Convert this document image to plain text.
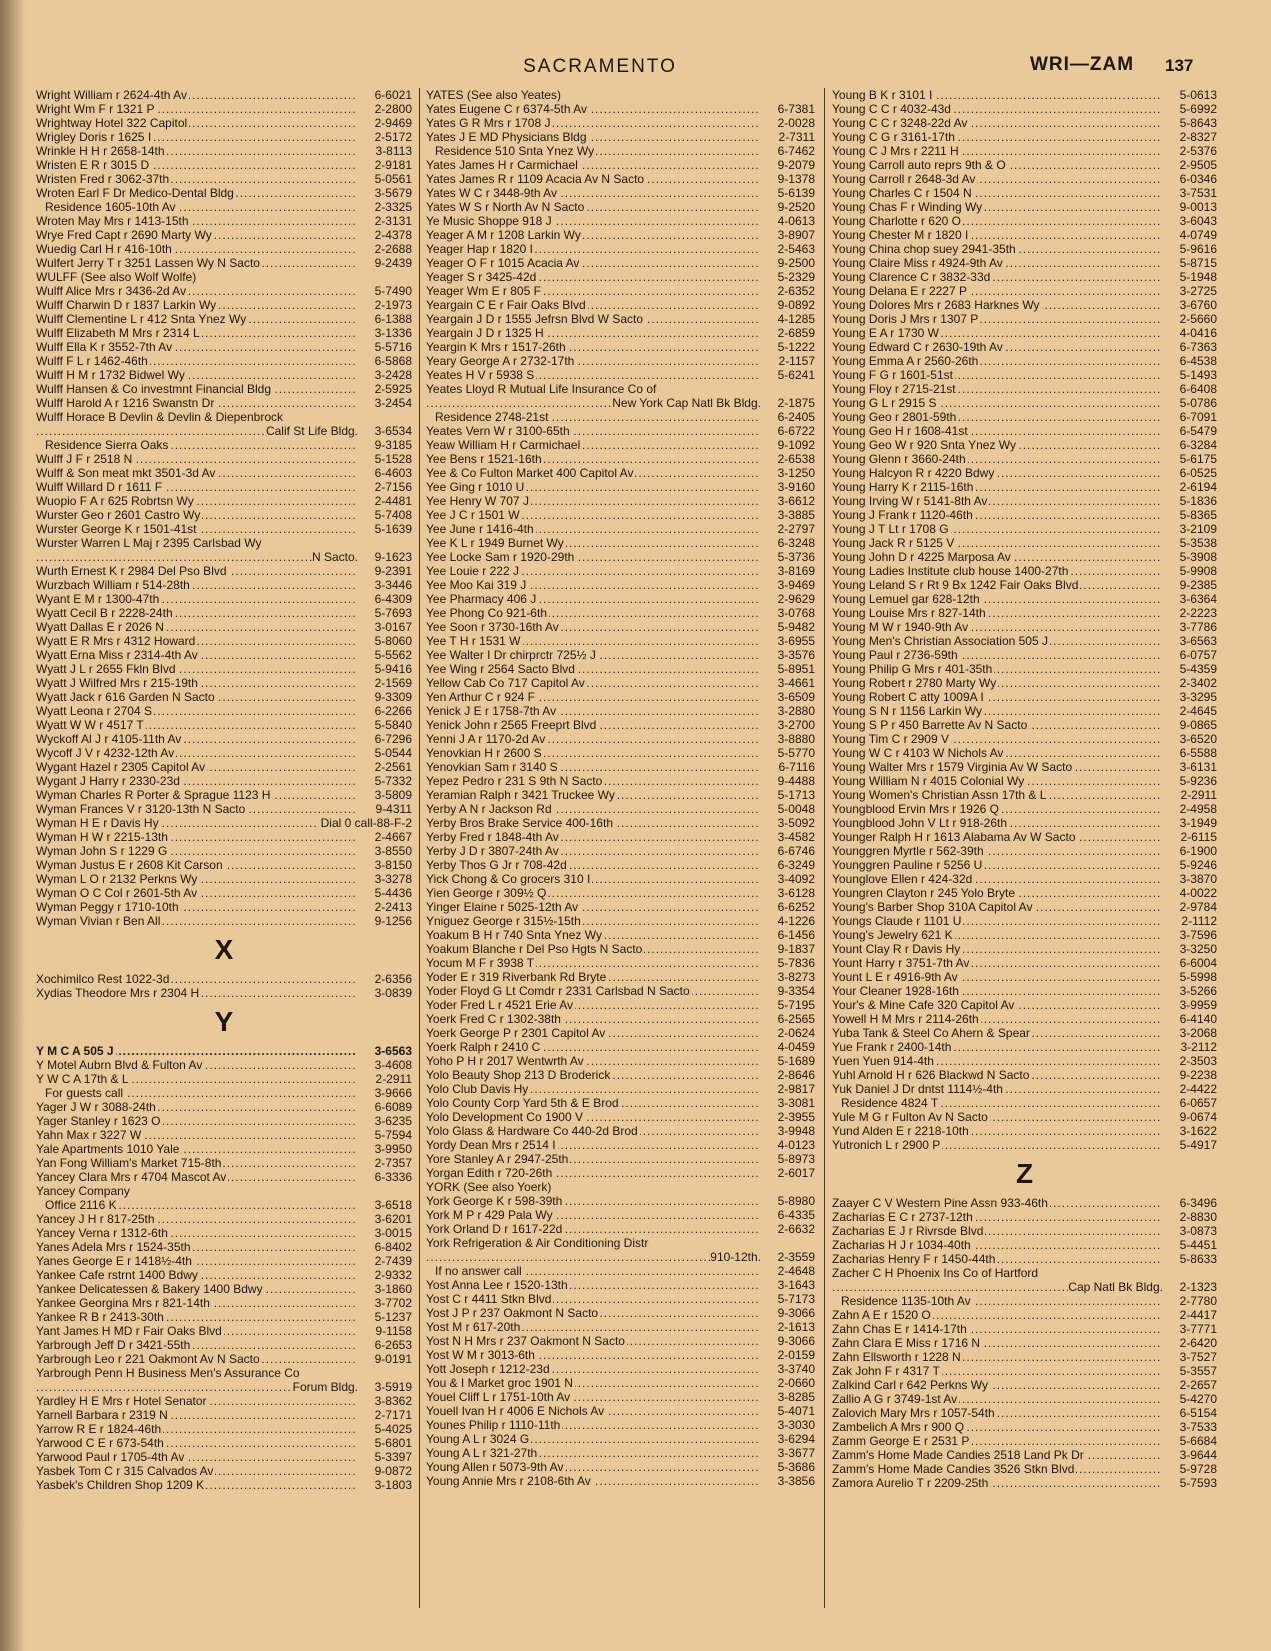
SACRAMENTO	WRI—ZAM 137
.....
Wright William r 2624-4th Av	6-6021
.....
Wright Wm F r 1321 P	2-2800
.....
Wrightway Hotel 322 Capitol	2-9469
.....
Wrigley Doris r 1625 I	2-5172
.....
Wrinkle H H r 2658-14th	3-8113
.....
Wristen E R r 3015 D	2-9181
.....
Wristen Fred r 3062-37th	5-0561
.....
Wroten Earl F Dr Medico-Dental Bldg	3-5679
.....
Residence 1605-10th Av	2-3325
.....
Wroten May Mrs r 1413-15th	2-3131
.....
Wrye Fred Capt r 2690 Marty Wy	2-4378
.....
Wuedig Carl H r 416-10th	2-2688
.....
Wulfert Jerry T r 3251 Lassen Wy N Sacto	9-2439
WULFF (See also Wolf Wolfe)
.....
Wulff Alice Mrs r 3436-2d Av	5-7490
.....
Wulff Charwin D r 1837 Larkin Wy	2-1973
.....
Wulff Clementine L r 412 Snta Ynez Wy	6-1388
.....
Wulff Elizabeth M Mrs r 2314 L	3-1336
.....
Wulff Ella K r 3552-7th Av	5-5716
.....
Wulff F L r 1462-46th	6-5868
.....
Wulff H M r 1732 Bidwel Wy	3-2428
.....
Wulff Hansen & Co investmnt Financial Bldg	2-5925
.....
Wulff Harold A r 1216 Swanstn Dr	3-2454
Wulff Horace B Devlin & Devlin & Diepenbrock
.....
Calif St Life Bldg. 3-6534
.....
Residence Sierra Oaks	9-3185
.....
Wulff J F r 2518 N	5-1528
.....
Wulff & Son meat mkt 3501-3d Av	6-4603
.....
Wulff Willard D r 1611 F	2-7156
.....
Wuopio F A r 625 Robrtsn Wy	2-4481
.....
Wurster Geo r 2601 Castro Wy	5-7408
.....
Wurster George K r 1501-41st	5-1639
Wurster Warren L Maj r 2395 Carlsbad Wy
.....
N Sacto. 9-1623
.....
Wurth Ernest K r 2984 Del Pso Blvd	9-2391
.....
Wurzbach William r 514-28th	3-3446
.....
Wyant E M r 1300-47th	6-4309
.....
Wyatt Cecil B r 2228-24th	5-7693
.....
Wyatt Dallas E r 2026 N	3-0167
.....
Wyatt E R Mrs r 4312 Howard	5-8060
.....
Wyatt Erna Miss r 2314-4th Av	5-5562
.....
Wyatt J L r 2655 Fkln Blvd	5-9416
.....
Wyatt J Wilfred Mrs r 215-19th	2-1569
.....
Wyatt Jack r 616 Garden N Sacto	9-3309
.....
Wyatt Leona r 2704 S	6-2266
.....
Wyatt W W r 4517 T	5-5840
.....
Wyckoff Al J r 4105-11th Av	6-7296
.....
Wycoff J V r 4232-12th Av	5-0544
.....
Wygant Hazel r 2305 Capitol Av	2-2561
.....
Wygant J Harry r 2330-23d	5-7332
.....
Wyman Charles R Porter & Sprague 1123 H	3-5809
.....
Wyman Frances V r 3120-13th N Sacto	9-4311
.....
Wyman H E r Davis Hy	Dial 0 call-88-F-2
.....
Wyman H W r 2215-13th	2-4667
.....
Wyman John S r 1229 G	3-8550
.....
Wyman Justus E r 2608 Kit Carson	3-8150
.....
Wyman L O r 2132 Perkns Wy	3-3278
.....
Wyman O C Col r 2601-5th Av	5-4436
.....
Wyman Peggy r 1710-10th	2-2413
.....
Wyman Vivian r Ben All	9-1256
X
.....
Xochimilco Rest 1022-3d	2-6356
.....
Xydias Theodore Mrs r 2304 H	3-0839
Y
.....
Y M C A 505 J	3-6563
.....
Y Motel Aubrn Blvd & Fulton Av	3-4608
.....
Y W C A 17th & L	2-2911
.....
For guests call	3-9666
.....
Yager J W r 3088-24th	6-6089
.....
Yager Stanley r 1623 O	3-6235
.....
Yahn Max r 3227 W	5-7594
.....
Yale Apartments 1010 Yale	3-9950
.....
Yan Fong William's Market 715-8th	2-7357
.....
Yancey Clara Mrs r 4704 Mascot Av	6-3336
Yancey Company
.....
Office 2116 K	3-6518
.....
Yancey J H r 817-25th	3-6201
.....
Yancey Verna r 1312-6th	3-0015
.....
Yanes Adela Mrs r 1524-35th	6-8402
.....
Yanes George E r 1418½-4th	2-7439
.....
Yankee Cafe rstrnt 1400 Bdwy	2-9332
.....
Yankee Delicatessen & Bakery 1400 Bdwy	3-1860
.....
Yankee Georgina Mrs r 821-14th	3-7702
.....
Yankee R B r 2413-30th	5-1237
.....
Yant James H MD r Fair Oaks Blvd	9-1158
.....
Yarbrough Jeff D r 3421-55th	6-2653
.....
Yarbrough Leo r 221 Oakmont Av N Sacto	9-0191
Yarbrough Penn H Business Men's Assurance Co
.....
Forum Bldg. 3-5919
.....
Yardley H E Mrs r Hotel Senator	3-8362
.....
Yarnell Barbara r 2319 N	2-7171
.....
Yarrow R E r 1824-46th	5-4025
.....
Yarwood C E r 673-54th	5-6801
.....
Yarwood Paul r 1705-4th Av	5-3397
.....
Yasbek Tom C r 315 Calvados Av	9-0872
.....
Yasbek's Children Shop 1209 K	3-1803
YATES (See also Yeates)
.....
Yates Eugene C r 6374-5th Av	6-7381
.....
Yates G R Mrs r 1708 J	2-0028
.....
Yates J E MD Physicians Bldg	2-7311
.....
Residence 510 Snta Ynez Wy	6-7462
.....
Yates James H r Carmichael	9-2079
.....
Yates James R r 1109 Acacia Av N Sacto	9-1378
.....
Yates W C r 3448-9th Av	5-6139
.....
Yates W S r North Av N Sacto	9-2520
.....
Ye Music Shoppe 918 J	4-0613
.....
Yeager A M r 1208 Larkin Wy	3-8907
.....
Yeager Hap r 1820 I	2-5463
.....
Yeager O F r 1015 Acacia Av	9-2500
.....
Yeager S r 3425-42d	5-2329
.....
Yeager Wm E r 805 F	2-6352
.....
Yeargain C E r Fair Oaks Blvd	9-0892
.....
Yeargain J D r 1555 Jefrsn Blvd W Sacto	4-1285
.....
Yeargain J D r 1325 H	2-6859
.....
Yeargin K Mrs r 1517-26th	5-1222
.....
Yeary George A r 2732-17th	2-1157
.....
Yeates H V r 5938 S	5-6241
Yeates Lloyd R Mutual Life Insurance Co of
.....
New York Cap Natl Bk Bldg. 2-1875
.....
Residence 2748-21st	6-2405
.....
Yeates Vern W r 3100-65th	6-6722
.....
Yeaw William H r Carmichael	9-1092
.....
Yee Bens r 1521-16th	2-6538
.....
Yee & Co Fulton Market 400 Capitol Av	3-1250
.....
Yee Ging r 1010 U	3-9160
.....
Yee Henry W 707 J	3-6612
.....
Yee J C r 1501 W	3-3885
.....
Yee June r 1416-4th	2-2797
.....
Yee K L r 1949 Burnet Wy	6-3248
.....
Yee Locke Sam r 1920-29th	5-3736
.....
Yee Louie r 222 J	3-8169
.....
Yee Moo Kai 319 J	3-9469
.....
Yee Pharmacy 406 J	2-9629
.....
Yee Phong Co 921-6th	3-0768
.....
Yee Soon r 3730-16th Av	5-9482
.....
Yee T H r 1531 W	3-6955
.....
Yee Walter I Dr chirprctr 725½ J	3-3576
.....
Yee Wing r 2564 Sacto Blvd	5-8951
.....
Yellow Cab Co 717 Capitol Av	3-4661
.....
Yen Arthur C r 924 F	3-6509
.....
Yenick J E r 1758-7th Av	3-2880
.....
Yenick John r 2565 Freeprt Blvd	3-2700
.....
Yenni J A r 1170-2d Av	3-8880
.....
Yenovkian H r 2600 S	5-5770
.....
Yenovkian Sam r 3140 S	6-7116
.....
Yepez Pedro r 231 S 9th N Sacto	9-4488
.....
Yeramian Ralph r 3421 Truckee Wy	5-1713
.....
Yerby A N r Jackson Rd	5-0048
.....
Yerby Bros Brake Service 400-16th	3-5092
.....
Yerby Fred r 1848-4th Av	3-4582
.....
Yerby J D r 3807-24th Av	6-6746
.....
Yerby Thos G Jr r 708-42d	6-3249
.....
Yick Chong & Co grocers 310 I	3-4092
.....
Yien George r 309½ Q	3-6128
.....
Yinger Elaine r 5025-12th Av	6-6252
.....
Yniguez George r 315½-15th	4-1226
.....
Yoakum B H r 740 Snta Ynez Wy	6-1456
.....
Yoakum Blanche r Del Pso Hgts N Sacto	9-1837
.....
Yocum M F r 3938 T	5-7836
.....
Yoder E r 319 Riverbank Rd Bryte	3-8273
.....
Yoder Floyd G Lt Comdr r 2331 Carlsbad N Sacto	9-3354
.....
Yoder Fred L r 4521 Erie Av	5-7195
.....
Yoerk Fred C r 1302-38th	6-2565
.....
Yoerk George P r 2301 Capitol Av	2-0624
.....
Yoerk Ralph r 2410 C	4-0459
.....
Yoho P H r 2017 Wentwrth Av	5-1689
.....
Yolo Beauty Shop 213 D Broderick	2-8646
.....
Yolo Club Davis Hy	2-9817
.....
Yolo County Corp Yard 5th & E Brod	3-3081
.....
Yolo Development Co 1900 V	2-3955
.....
Yolo Glass & Hardware Co 440-2d Brod	3-9948
.....
Yordy Dean Mrs r 2514 I	4-0123
.....
Yore Stanley A r 2947-25th	5-8973
.....
Yorgan Edith r 720-26th	2-6017
YORK (See also Yoerk)
.....
York George K r 598-39th	5-8980
.....
York M P r 429 Pala Wy	6-4335
.....
York Orland D r 1617-22d	2-6632
York Refrigeration & Air Conditioning Distr
.....
910-12th. 2-3559
.....
If no answer call	2-4648
.....
Yost Anna Lee r 1520-13th	3-1643
.....
Yost C r 4411 Stkn Blvd	5-7173
.....
Yost J P r 237 Oakmont N Sacto	9-3066
.....
Yost M r 617-20th	2-1613
.....
Yost N H Mrs r 237 Oakmont N Sacto	9-3066
.....
Yost W M r 3013-6th	2-0159
.....
Yott Joseph r 1212-23d	3-3740
.....
You & I Market groc 1901 N	2-0660
.....
Youel Cliff L r 1751-10th Av	3-8285
.....
Youell Ivan H r 4006 E Nichols Av	5-4071
.....
Younes Philip r 1110-11th	3-3030
.....
Young A L r 3024 G	3-6294
.....
Young A L r 321-27th	3-3677
.....
Young Allen r 5073-9th Av	5-3686
.....
Young Annie Mrs r 2108-6th Av	3-3856
.....
Young B K r 3101 I	5-0613
.....
Young C C r 4032-43d	5-6992
.....
Young C C r 3248-22d Av	5-8643
.....
Young C G r 3161-17th	2-8327
.....
Young C J Mrs r 2211 H	2-5376
.....
Young Carroll auto reprs 9th & O	2-9505
.....
Young Carroll r 2648-3d Av	6-0346
.....
Young Charles C r 1504 N	3-7531
.....
Young Chas F r Winding Wy	9-0013
.....
Young Charlotte r 620 O	3-6043
.....
Young Chester M r 1820 I	4-0749
.....
Young China chop suey 2941-35th	5-9616
.....
Young Claire Miss r 4924-9th Av	5-8715
.....
Young Clarence C r 3832-33d	5-1948
.....
Young Delana E r 2227 P	3-2725
.....
Young Dolores Mrs r 2683 Harknes Wy	3-6760
.....
Young Doris J Mrs r 1307 P	2-5660
.....
Young E A r 1730 W	4-0416
.....
Young Edward C r 2630-19th Av	6-7363
.....
Young Emma A r 2560-26th	6-4538
.....
Young F G r 1601-51st	5-1493
.....
Young Floy r 2715-21st	6-6408
.....
Young G L r 2915 S	5-0786
.....
Young Geo r 2801-59th	6-7091
.....
Young Geo H r 1608-41st	6-5479
.....
Young Geo W r 920 Snta Ynez Wy	6-3284
.....
Young Glenn r 3660-24th	5-6175
.....
Young Halcyon R r 4220 Bdwy	6-0525
.....
Young Harry K r 2115-16th	2-6194
.....
Young Irving W r 5141-8th Av	5-1836
.....
Young J Frank r 1120-46th	5-8365
.....
Young J T Lt r 1708 G	3-2109
.....
Young Jack R r 5125 V	5-3538
.....
Young John D r 4225 Marposa Av	5-3908
.....
Young Ladies Institute club house 1400-27th	5-9908
.....
Young Leland S r Rt 9 Bx 1242 Fair Oaks Blvd	9-2385
.....
Young Lemuel gar 628-12th	3-6364
.....
Young Louise Mrs r 827-14th	2-2223
.....
Young M W r 1940-9th Av	3-7786
.....
Young Men's Christian Association 505 J	3-6563
.....
Young Paul r 2736-59th	6-0757
.....
Young Philip G Mrs r 401-35th	5-4359
.....
Young Robert r 2780 Marty Wy	2-3402
.....
Young Robert C atty 1009A I	3-3295
.....
Young S N r 1156 Larkin Wy	2-4645
.....
Young S P r 450 Barrette Av N Sacto	9-0865
.....
Young Tim C r 2909 V	3-6520
.....
Young W C r 4103 W Nichols Av	6-5588
.....
Young Walter Mrs r 1579 Virginia Av W Sacto	3-6131
.....
Young William N r 4015 Colonial Wy	5-9236
.....
Young Women's Christian Assn 17th & L	2-2911
.....
Youngblood Ervin Mrs r 1926 Q	2-4958
.....
Youngblood John V Lt r 918-26th	3-1949
.....
Younger Ralph H r 1613 Alabama Av W Sacto	2-6115
.....
Younggren Myrtle r 562-39th	6-1900
.....
Younggren Pauline r 5256 U	5-9246
.....
Younglove Ellen r 424-32d	3-3870
.....
Youngren Clayton r 245 Yolo Bryte	4-0022
.....
Young's Barber Shop 310A Capitol Av	2-9784
.....
Youngs Claude r 1101 U	2-1112
.....
Young's Jewelry 621 K	3-7596
.....
Yount Clay R r Davis Hy	3-3250
.....
Yount Harry r 3751-7th Av	6-6004
.....
Yount L E r 4916-9th Av	5-5998
.....
Your Cleaner 1928-16th	3-5266
.....
Your's & Mine Cafe 320 Capitol Av	3-9959
.....
Yowell H M Mrs r 2114-26th	6-4140
.....
Yuba Tank & Steel Co Ahern & Spear	3-2068
.....
Yue Frank r 2400-14th	3-2112
.....
Yuen Yuen 914-4th	2-3503
.....
Yuhl Arnold H r 626 Blackwd N Sacto	9-2238
.....
Yuk Daniel J Dr dntst 1114½-4th	2-4422
.....
Residence 4824 T	6-0657
.....
Yule M G r Fulton Av N Sacto	9-0674
.....
Yund Alden E r 2218-10th	3-1622
.....
Yutronich L r 2900 P	5-4917
Z
.....
Zaayer C V Western Pine Assn 933-46th	6-3496
.....
Zacharias E C r 2737-12th	2-8830
.....
Zacharias E J r Rivrsde Blvd	3-0873
.....
Zacharias H J r 1034-40th	5-4451
.....
Zacharias Henry F r 1450-44th	5-8633
Zacher C H Phoenix Ins Co of Hartford
.....
Cap Natl Bk Bldg. 2-1323
.....
Residence 1135-10th Av	2-7780
.....
Zahn A E r 1520 O	2-4417
.....
Zahn Chas E r 1414-17th	3-7771
.....
Zahn Clara E Miss r 1716 N	2-6420
.....
Zahn Ellsworth r 1228 N	3-7527
.....
Zak John F r 4317 T	5-3557
.....
Zalkind Carl r 642 Perkns Wy	2-2657
.....
Zallio A G r 3749-1st Av	5-4270
.....
Zalovich Mary Mrs r 1057-54th	6-5154
.....
Zambelich A Mrs r 900 Q	3-7533
.....
Zamm George E r 2531 P	5-6684
.....
Zamm's Home Made Candies 2518 Land Pk Dr	3-9644
.....
Zamm's Home Made Candies 3526 Stkn Blvd	5-9728
.....
Zamora Aurelio T r 2209-25th	5-7593
